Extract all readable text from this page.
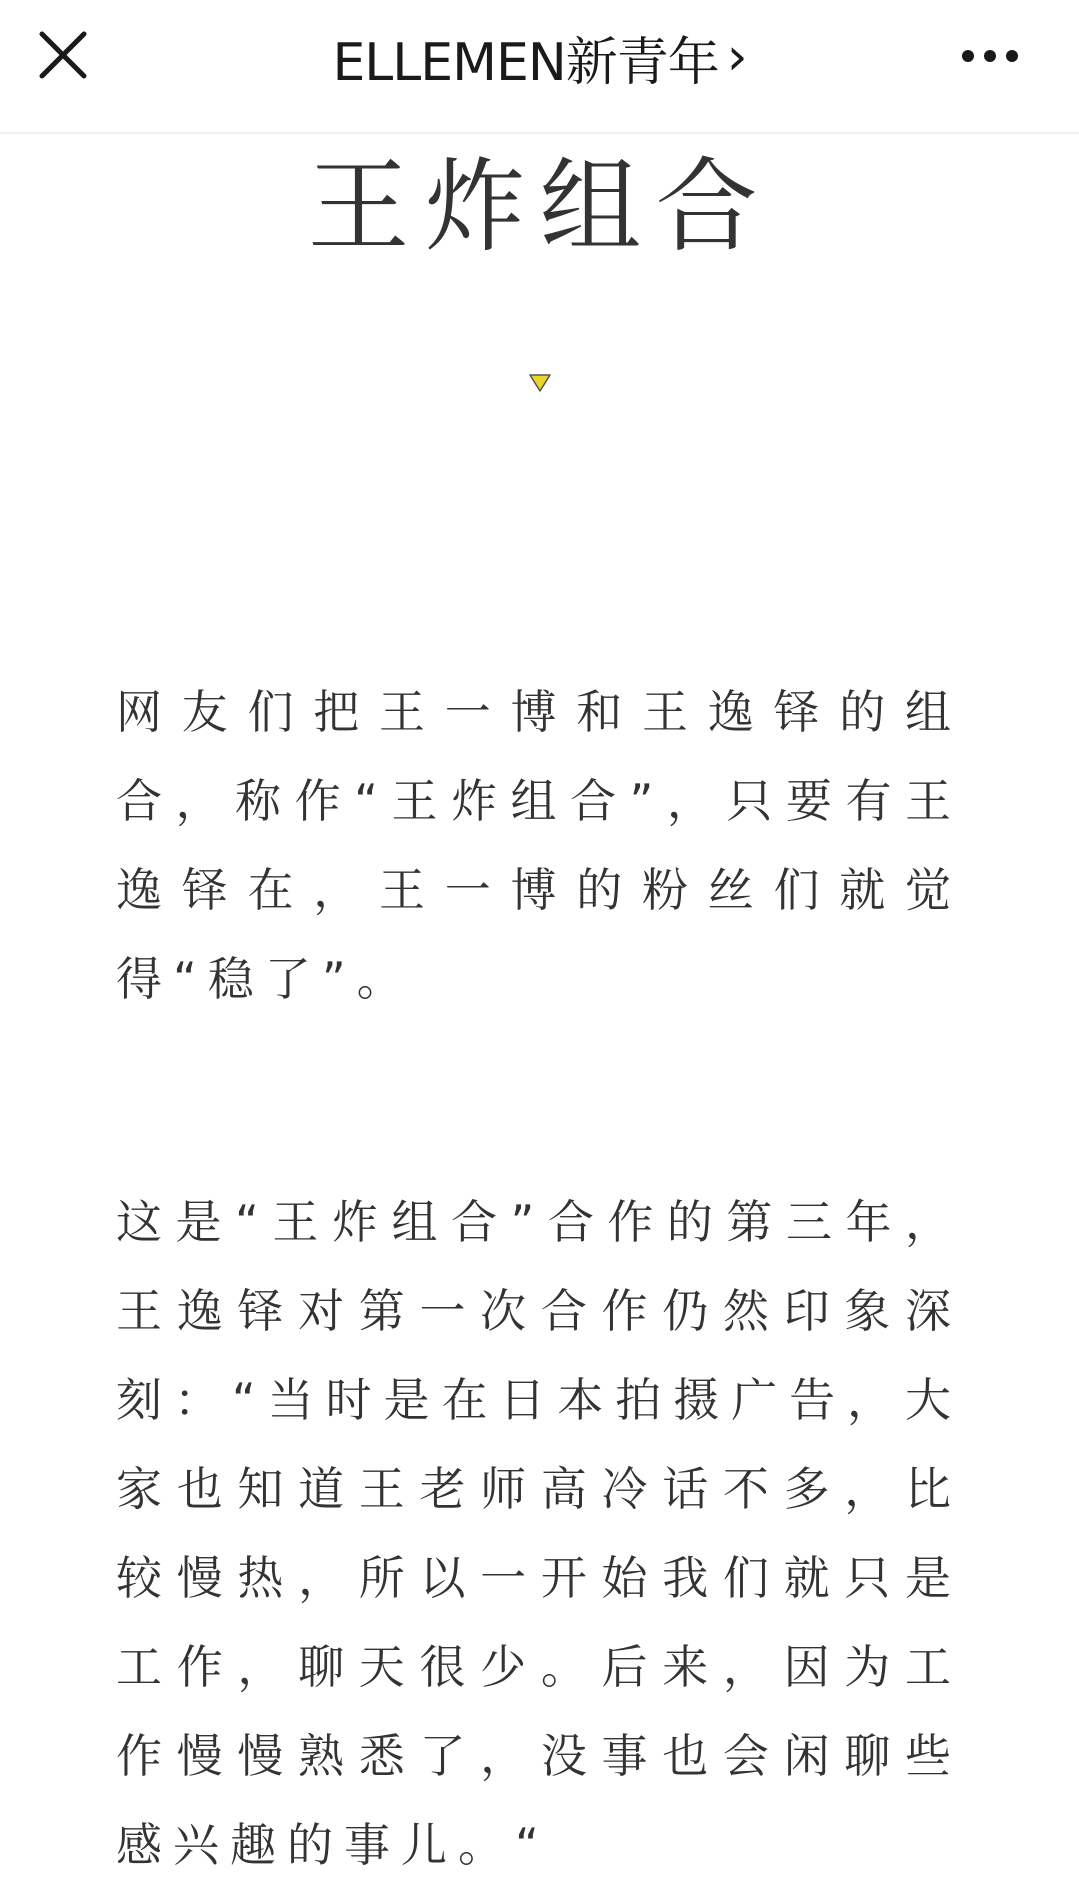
ELLEMEN新青年 ›
王炸组合

网友们把王一博和王逸铎的组合，称作“王炸组合”，只要有王逸铎在，王一博的粉丝们就觉得“稳了”。

这是“王炸组合”合作的第三年，王逸铎对第一次合作仍然印象深刻：“当时是在日本拍摄广告，大家也知道王老师高冷话不多，比较慢热，所以一开始我们就只是工作，聊天很少。后来，因为工作慢慢熟悉了，没事也会闲聊些感兴趣的事儿。“
